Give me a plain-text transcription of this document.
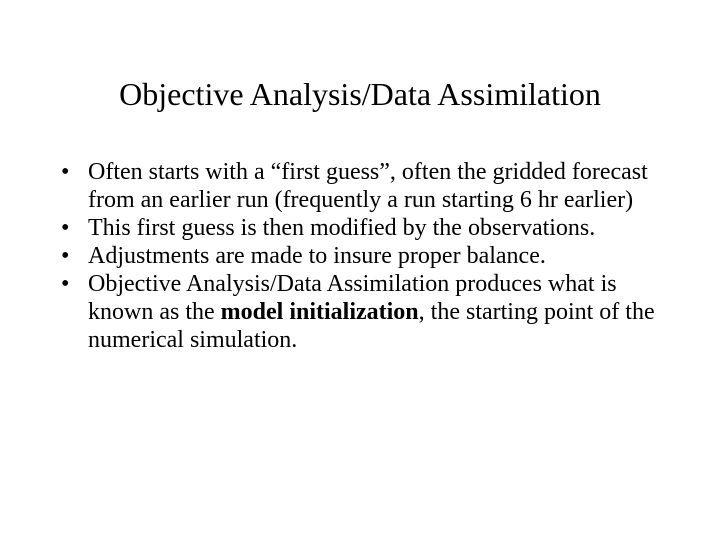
Objective Analysis/Data Assimilation
• Often starts with a “first guess”, often the gridded forecast from an earlier run (frequently a run starting 6 hr earlier)
• This first guess is then modified by the observations.
• Adjustments are made to insure proper balance.
• Objective Analysis/Data Assimilation produces what is known as the model initialization, the starting point of the numerical simulation.
